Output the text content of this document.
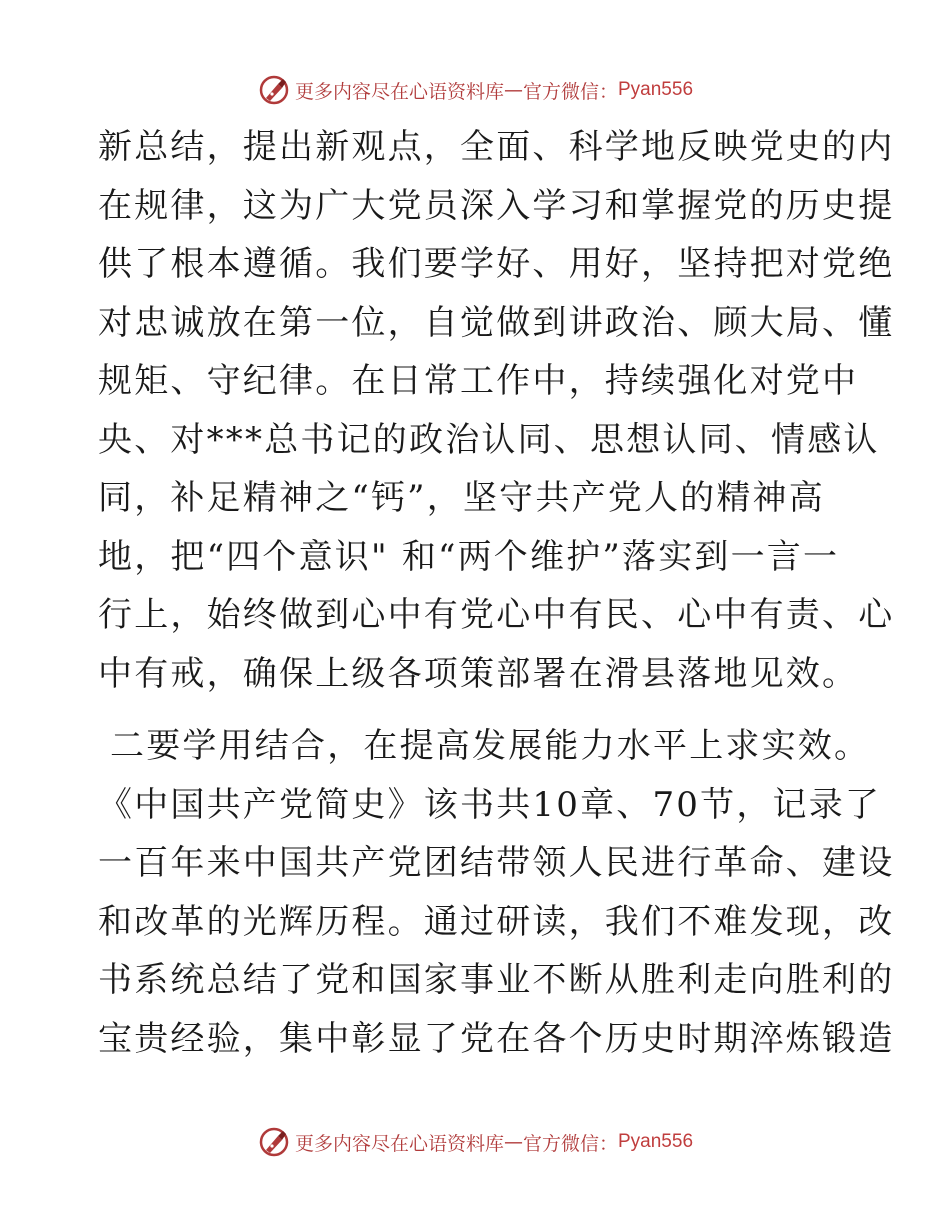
更多内容尽在心语资料库 — 官方微信： Pyan556
新总结，提出新观点，全面、科学地反映党史的内
在规律，这为广大党员深入学习和掌握党的历史提
供了根本遵循。我们要学好、用好，坚持把对党绝
对忠诚放在第一位，自觉做到讲政治、顾大局、懂
规矩、守纪律。在日常工作中，持续强化对党中
央、对***总书记的政治认同、思想认同、情感认
同，补足精神之“钙”，坚守共产党人的精神高
地，把“四个意识" 和“两个维护”落实到一言一
行上，始终做到心中有党心中有民、心中有责、心
中有戒，确保上级各项策部署在滑县落地见效。
二要学用结合，在提高发展能力水平上求实效。
《中国共产党简史》该书共10章、70节，记录了
一百年来中国共产党团结带领人民进行革命、建设
和改革的光辉历程。通过研读，我们不难发现，改
书系统总结了党和国家事业不断从胜利走向胜利的
宝贵经验，集中彰显了党在各个历史时期淬炼锻造
更多内容尽在心语资料库 — 官方微信： Pyan556
